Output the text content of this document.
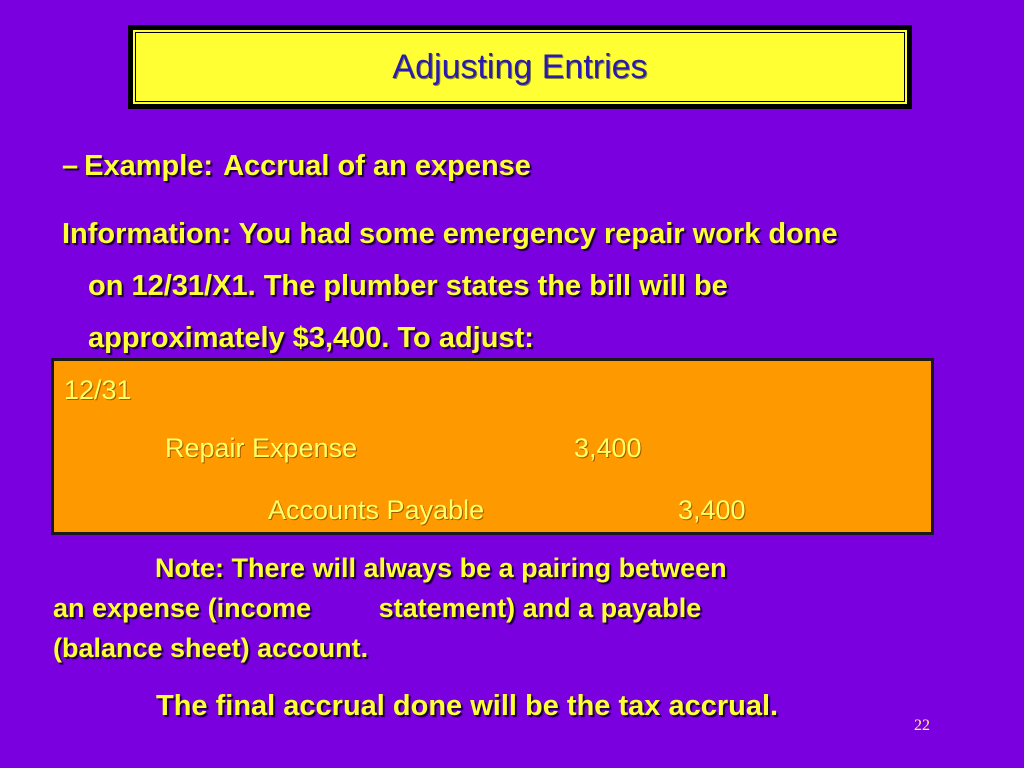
Adjusting Entries
– Example: Accrual of an expense
Information: You had some emergency repair work done
on 12/31/X1. The plumber states the bill will be
approximately $3,400. To adjust:
12/31
Repair Expense	3,400
Accounts Payable	3,400
Note: There will always be a pairing between
an expense (income         statement) and a payable
(balance sheet) account.
The final accrual done will be the tax accrual.
22
